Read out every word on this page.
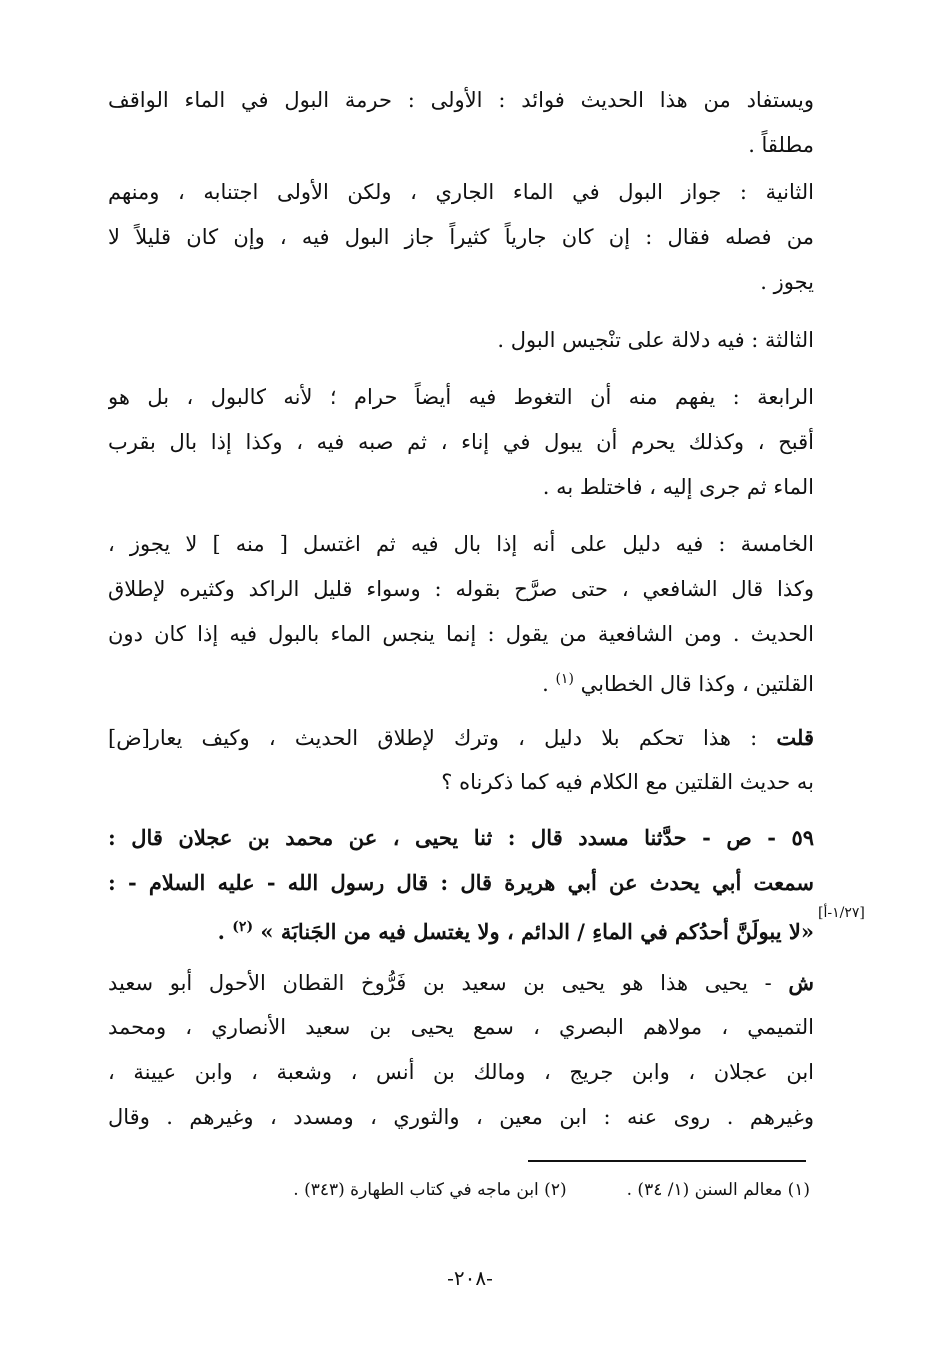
ويستفاد من هذا الحديث فوائد : الأولى : حرمة البول في الماء الواقف
مطلقاً .
الثانية : جواز البول في الماء الجاري ، ولكن الأولى اجتنابه ، ومنهم
من فصله فقال : إن كان جارياً كثيراً جاز البول فيه ، وإن كان قليلاً لا
يجوز .
الثالثة : فيه دلالة على تنْجيس البول .
الرابعة : يفهم منه أن التغوط فيه أيضاً حرام ؛ لأنه كالبول ، بل هو
أقبح ، وكذلك يحرم أن يبول في إناء ، ثم صبه فيه ، وكذا إذا بال بقرب
الماء ثم جرى إليه ، فاختلط به .
الخامسة : فيه دليل على أنه إذا بال فيه ثم اغتسل [ منه ] لا يجوز ،
وكذا قال الشافعي ، حتى صرَّح بقوله : وسواء قليل الراكد وكثيره لإطلاق
الحديث . ومن الشافعية من يقول : إنما ينجس الماء بالبول فيه إذا كان دون
القلتين ، وكذا قال الخطابي $^{(١)}$ .
قلت : هذا تحكم بلا دليل ، وترك لإطلاق الحديث ، وكيف يعار[ض]
به حديث القلتين مع الكلام فيه كما ذكرناه ؟
٥٩ - ص - حدَّثنا مسدد قال : ثنا يحيى ، عن محمد بن عجلان قال :
سمعت أبي يحدث عن أبي هريرة قال : قال رسول الله - عليه السلام - :
«لا يبولَنَّ أحدُكم في الماءِ / الدائم ، ولا يغتسل فيه من الجَنابَة » $^{(٢)}$ .
[١/٢٧-أ]
ش - يحيى هذا هو يحيى بن سعيد بن فَرُّوخ القطان الأحول أبو سعيد
التميمي ، مولاهم البصري ، سمع يحيى بن سعيد الأنصاري ، ومحمد
ابن عجلان ، وابن جريج ، ومالك بن أنس ، وشعبة ، وابن عيينة ،
وغيرهم . روى عنه : ابن معين ، والثوري ، ومسدد ، وغيرهم . وقال
(١) معالم السنن (١/ ٣٤) .
(٢) ابن ماجه في كتاب الطهارة (٣٤٣) .
-٢٠٨-
